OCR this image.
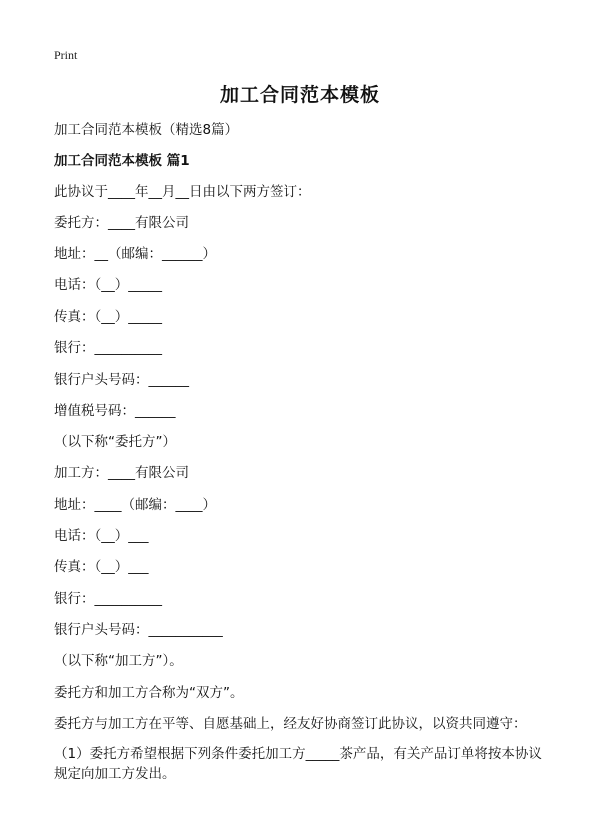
Print
加工合同范本模板
加工合同范本模板（精选8篇）
加工合同范本模板 篇1
此协议于____年__月__日由以下两方签订：
委托方：____有限公司
地址：__（邮编：______）
电话：（__）_____
传真：（__）_____
银行：__________
银行户头号码：______
增值税号码：______
（以下称“委托方”）
加工方：____有限公司
地址：____（邮编：____）
电话：（__）___
传真：（__）___
银行：__________
银行户头号码：___________
（以下称“加工方”）。
委托方和加工方合称为“双方”。
委托方与加工方在平等、自愿基础上，经友好协商签订此协议，以资共同遵守：
（1）委托方希望根据下列条件委托加工方_____茶产品，有关产品订单将按本协议规定向加工方发出。
